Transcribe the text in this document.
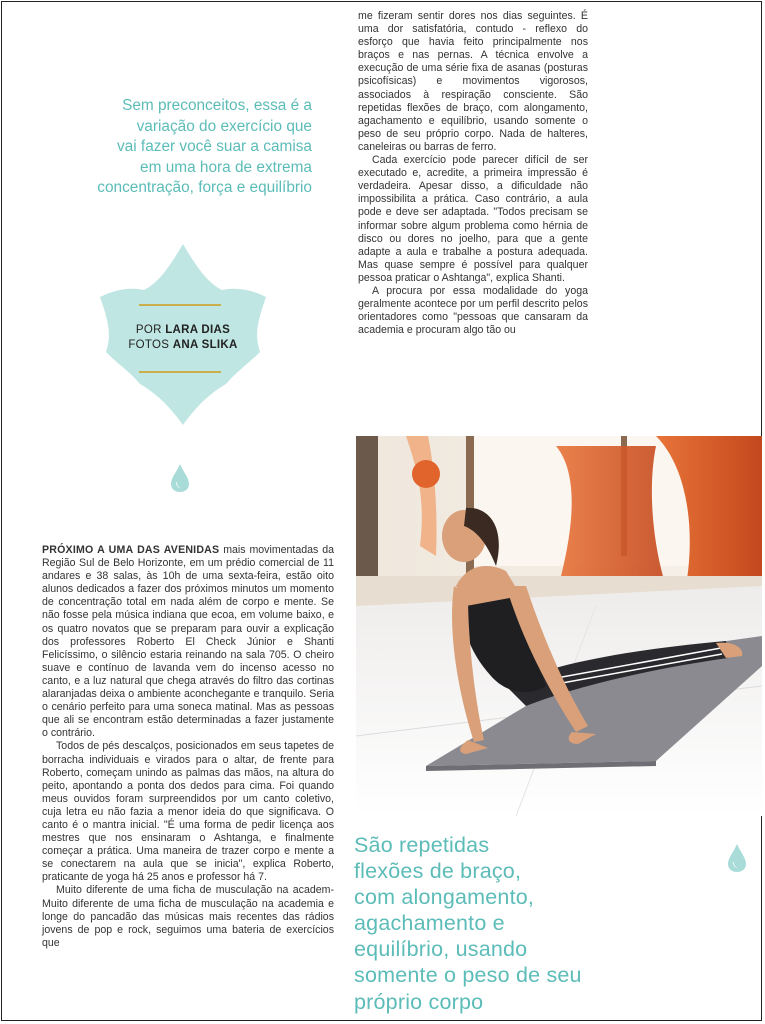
Sem preconceitos, essa é a
variação do exercício que
vai fazer você suar a camisa
em uma hora de extrema
concentração, força e equilíbrio
POR LARA DIAS
FOTOS ANA SLIKA

me fizeram sentir dores nos dias seguintes. É uma dor satisfatória, contudo - reflexo do esforço que havia feito principalmente nos braços e nas pernas. A técnica envolve a execução de uma série fixa de asanas (posturas psicofísicas) e movimentos vigorosos, associados à respiração consciente. São repetidas flexões de braço, com alongamento, agachamento e equilíbrio, usando somente o peso de seu próprio corpo. Nada de halteres, caneleiras ou barras de ferro.

Cada exercício pode parecer difícil de ser executado e, acredite, a primeira impressão é verdadeira. Apesar disso, a dificuldade não impossibilita a prática. Caso contrário, a aula pode e deve ser adaptada. "Todos precisam se informar sobre algum problema como hérnia de disco ou dores no joelho, para que a gente adapte a aula e trabalhe a postura adequada. Mas quase sempre é possível para qualquer pessoa praticar o Ashtanga", explica Shanti.

A procura por essa modalidade do yoga geralmente acontece por um perfil descrito pelos orientadores como "pessoas que cansaram da academia e procuram algo tão ou

PRÓXIMO A UMA DAS AVENIDAS mais movimentadas da Região Sul de Belo Horizonte, em um prédio comercial de 11 andares e 38 salas, às 10h de uma sexta-feira, estão oito alunos dedicados a fazer dos próximos minutos um momento de concentração total em nada além de corpo e mente. Se não fosse pela música indiana que ecoa, em volume baixo, e os quatro novatos que se preparam para ouvir a explicação dos professores Roberto El Check Júnior e Shanti Felicíssimo, o silêncio estaria reinando na sala 705. O cheiro suave e contínuo de lavanda vem do incenso acesso no canto, e a luz natural que chega através do filtro das cortinas alaranjadas deixa o ambiente aconchegante e tranquilo. Seria o cenário perfeito para uma soneca matinal. Mas as pessoas que ali se encontram estão determinadas a fazer justamente o contrário.

Todos de pés descalços, posicionados em seus tapetes de borracha individuais e virados para o altar, de frente para Roberto, começam unindo as palmas das mãos, na altura do peito, apontando a ponta dos dedos para cima. Foi quando meus ouvidos foram surpreendidos por um canto coletivo, cuja letra eu não fazia a menor ideia do que significava. O canto é o mantra inicial. "É uma forma de pedir licença aos mestres que nos ensinaram o Ashtanga, e finalmente começar a prática. Uma maneira de trazer corpo e mente a se conectarem na aula que se inicia", explica Roberto, praticante de yoga há 25 anos e professor há 7.

Muito diferente de uma ficha de musculação na academ- Muito diferente de uma ficha de musculação na academia e longe do pancadão das músicas mais recentes das rádios jovens de pop e rock, seguimos uma bateria de exercícios que

São repetidas
flexões de braço,
com alongamento,
agachamento e
equilíbrio, usando
somente o peso de seu
próprio corpo
